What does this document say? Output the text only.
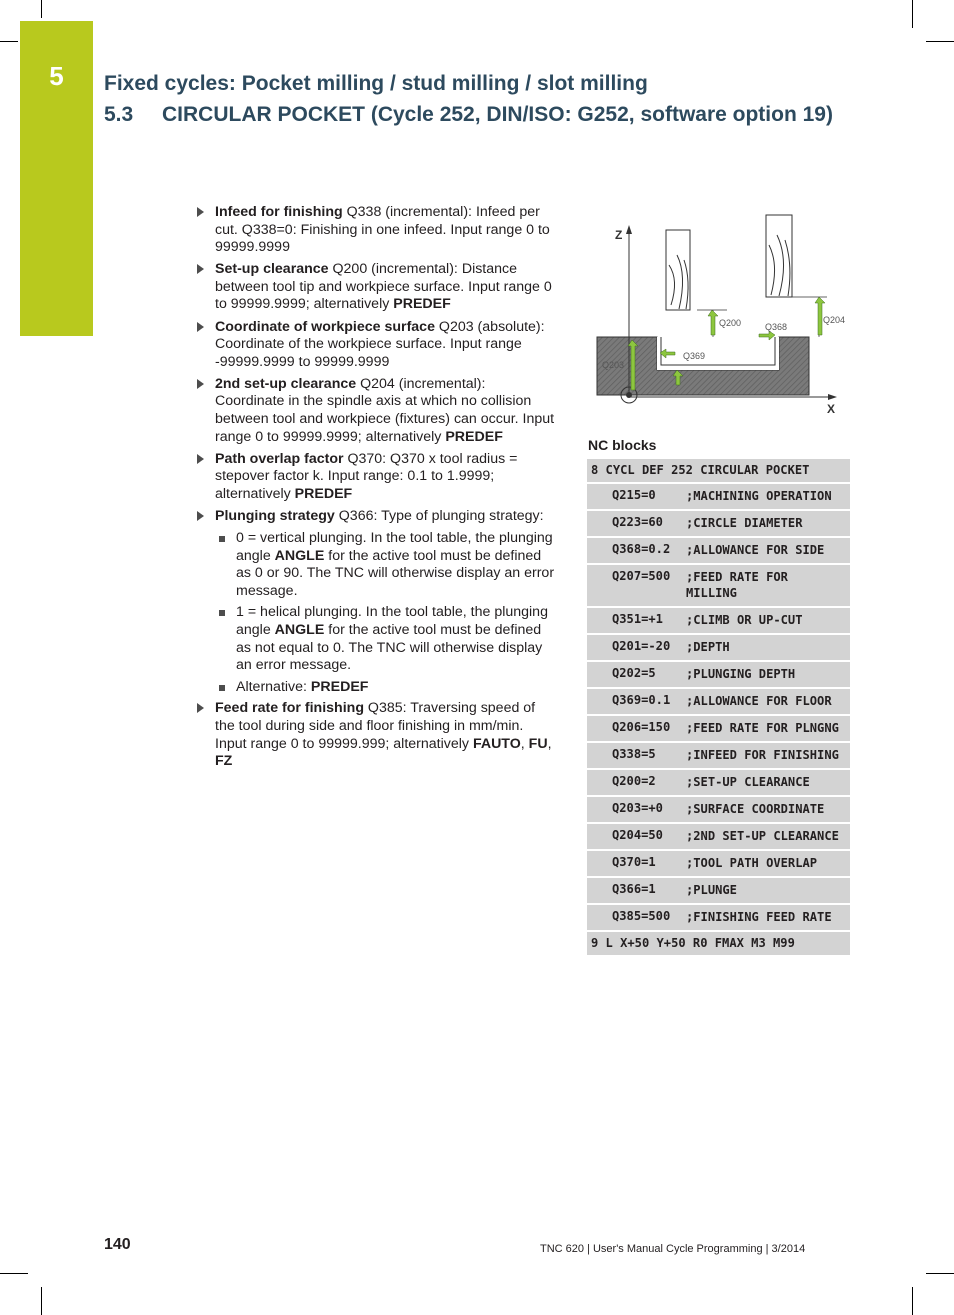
5	Fixed cycles: Pocket milling / stud milling / slot milling
5.3 CIRCULAR POCKET (Cycle 252, DIN/ISO: G252, software option 19)
Infeed for finishing Q338 (incremental): Infeed per cut. Q338=0: Finishing in one infeed. Input range 0 to 99999.9999
Set-up clearance Q200 (incremental): Distance between tool tip and workpiece surface. Input range 0 to 99999.9999; alternatively PREDEF
Coordinate of workpiece surface Q203 (absolute): Coordinate of the workpiece surface. Input range -99999.9999 to 99999.9999
2nd set-up clearance Q204 (incremental): Coordinate in the spindle axis at which no collision between tool and workpiece (fixtures) can occur. Input range 0 to 99999.9999; alternatively PREDEF
Path overlap factor Q370: Q370 x tool radius = stepover factor k. Input range: 0.1 to 1.9999; alternatively PREDEF
Plunging strategy Q366: Type of plunging strategy:
0 = vertical plunging. In the tool table, the plunging angle ANGLE for the active tool must be defined as 0 or 90. The TNC will otherwise display an error message.
1 = helical plunging. In the tool table, the plunging angle ANGLE for the active tool must be defined as not equal to 0. The TNC will otherwise display an error message.
Alternative: PREDEF
Feed rate for finishing Q385: Traversing speed of the tool during side and floor finishing in mm/min. Input range 0 to 99999.999; alternatively FAUTO, FU, FZ
Z
X
Q200	Q368
Q204
Q203
Q369
NC blocks
8 CYCL DEF 252 CIRCULAR POCKET
Q215=0	;MACHINING OPERATION
Q223=60	;CIRCLE DIAMETER
Q368=0.2	;ALLOWANCE FOR SIDE
Q207=500	;FEED RATE FOR MILLING
Q351=+1	;CLIMB OR UP-CUT
Q201=-20	;DEPTH
Q202=5	;PLUNGING DEPTH
Q369=0.1	;ALLOWANCE FOR FLOOR
Q206=150	;FEED RATE FOR PLNGNG
Q338=5	;INFEED FOR FINISHING
Q200=2	;SET-UP CLEARANCE
Q203=+0	;SURFACE COORDINATE
Q204=50	;2ND SET-UP CLEARANCE
Q370=1	;TOOL PATH OVERLAP
Q366=1	;PLUNGE
Q385=500	;FINISHING FEED RATE
9 L X+50 Y+50 R0 FMAX M3 M99
140	TNC 620 | User's Manual Cycle Programming | 3/2014
